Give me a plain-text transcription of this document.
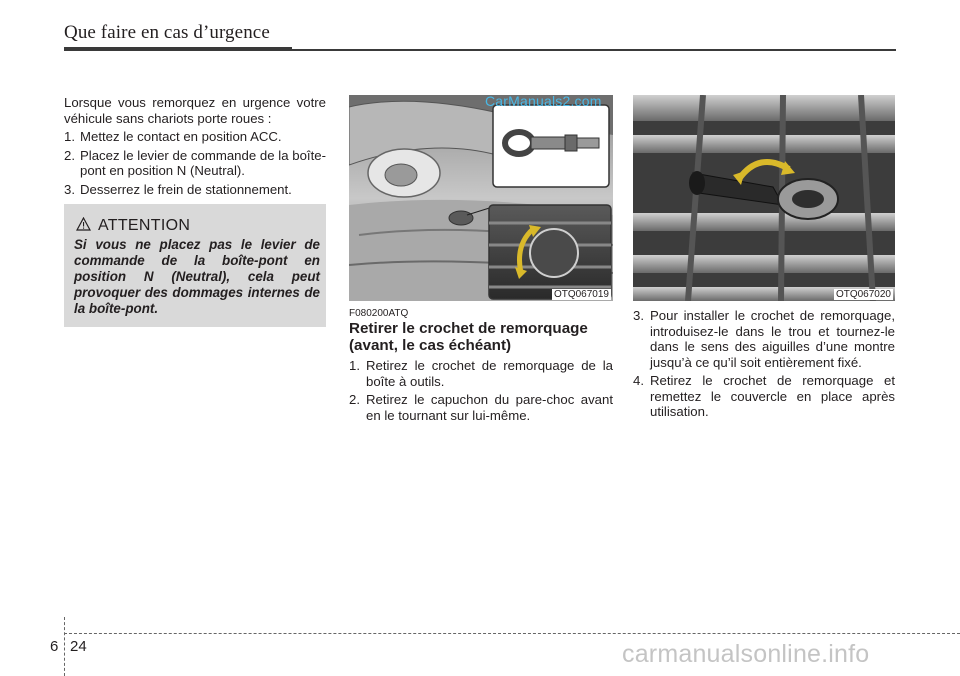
Que faire en cas d’urgence

Lorsque vous remorquez en urgence votre véhicule sans chariots porte roues :

1. Mettez le contact en position ACC.
2. Placez le levier de commande de la boîte-pont en position N (Neutral).
3. Desserrez le frein de stationnement.
ATTENTION
Si vous ne placez pas le levier de commande de la boîte-pont en position N (Neutral), cela peut provoquer des dommages internes de la boîte-pont.
OTQ067019
CarManuals2.com
OTQ067020

F080200ATQ

Retirer le crochet de remorquage (avant, le cas échéant)

1. Retirez le crochet de remorquage de la boîte à outils.
2. Retirez le capuchon du pare-choc avant en le tournant sur lui-même.
3. Pour installer le crochet de remorquage, introduisez-le dans le trou et tournez-le dans le sens des aiguilles d’une montre jusqu’à ce qu’il soit entièrement fixé.
4. Retirez le crochet de remorquage et remettez le couvercle en place après utilisation.
6 24	carmanualsonline.info
